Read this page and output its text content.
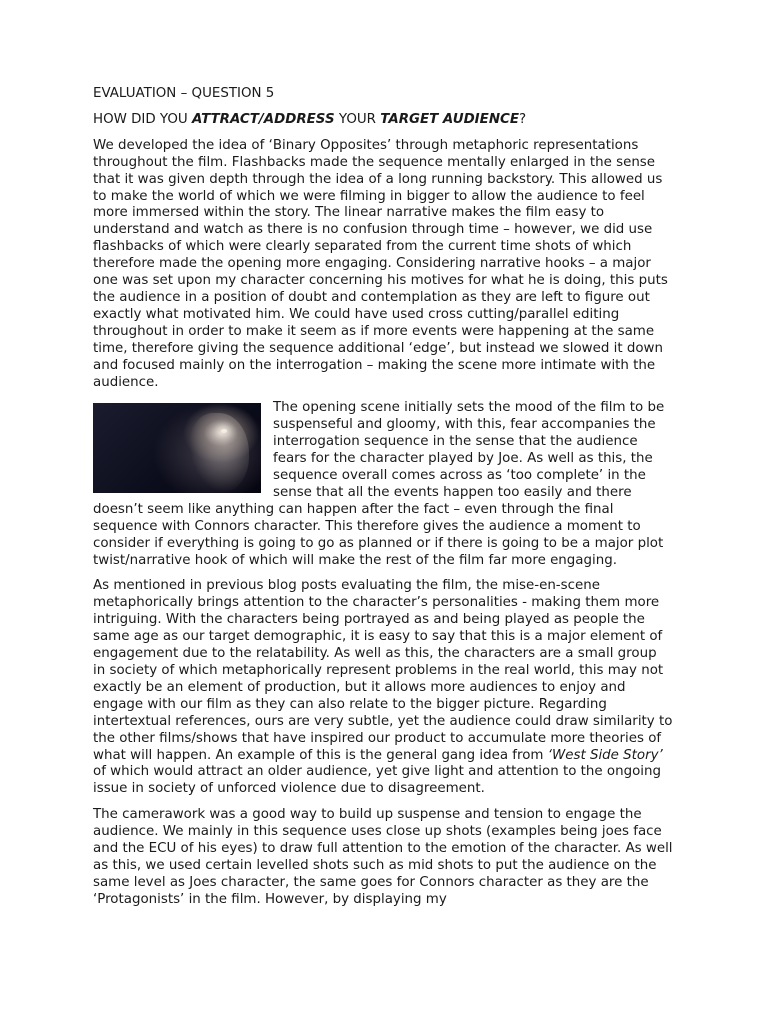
EVALUATION – QUESTION 5

HOW DID YOU ATTRACT/ADDRESS YOUR TARGET AUDIENCE?

We developed the idea of ‘Binary Opposites’ through metaphoric representations throughout the film. Flashbacks made the sequence mentally enlarged in the sense that it was given depth through the idea of a long running backstory. This allowed us to make the world of which we were filming in bigger to allow the audience to feel more immersed within the story. The linear narrative makes the film easy to understand and watch as there is no confusion through time – however, we did use flashbacks of which were clearly separated from the current time shots of which therefore made the opening more engaging. Considering narrative hooks – a major one was set upon my character concerning his motives for what he is doing, this puts the audience in a position of doubt and contemplation as they are left to figure out exactly what motivated him. We could have used cross cutting/parallel editing throughout in order to make it seem as if more events were happening at the same time, therefore giving the sequence additional ‘edge’, but instead we slowed it down and focused mainly on the interrogation – making the scene more intimate with the audience.

The opening scene initially sets the mood of the film to be suspenseful and gloomy, with this, fear accompanies the interrogation sequence in the sense that the audience fears for the character played by Joe. As well as this, the sequence overall comes across as ‘too complete’ in the sense that all the events happen too easily and there doesn’t seem like anything can happen after the fact – even through the final sequence with Connors character. This therefore gives the audience a moment to consider if everything is going to go as planned or if there is going to be a major plot twist/narrative hook of which will make the rest of the film far more engaging.

As mentioned in previous blog posts evaluating the film, the mise-en-scene metaphorically brings attention to the character’s personalities - making them more intriguing. With the characters being portrayed as and being played as people the same age as our target demographic, it is easy to say that this is a major element of engagement due to the relatability. As well as this, the characters are a small group in society of which metaphorically represent problems in the real world, this may not exactly be an element of production, but it allows more audiences to enjoy and engage with our film as they can also relate to the bigger picture. Regarding intertextual references, ours are very subtle, yet the audience could draw similarity to the other films/shows that have inspired our product to accumulate more theories of what will happen. An example of this is the general gang idea from ‘West Side Story’ of which would attract an older audience, yet give light and attention to the ongoing issue in society of unforced violence due to disagreement.

The camerawork was a good way to build up suspense and tension to engage the audience. We mainly in this sequence uses close up shots (examples being joes face and the ECU of his eyes) to draw full attention to the emotion of the character. As well as this, we used certain levelled shots such as mid shots to put the audience on the same level as Joes character, the same goes for Connors character as they are the ‘Protagonists’ in the film. However, by displaying my
